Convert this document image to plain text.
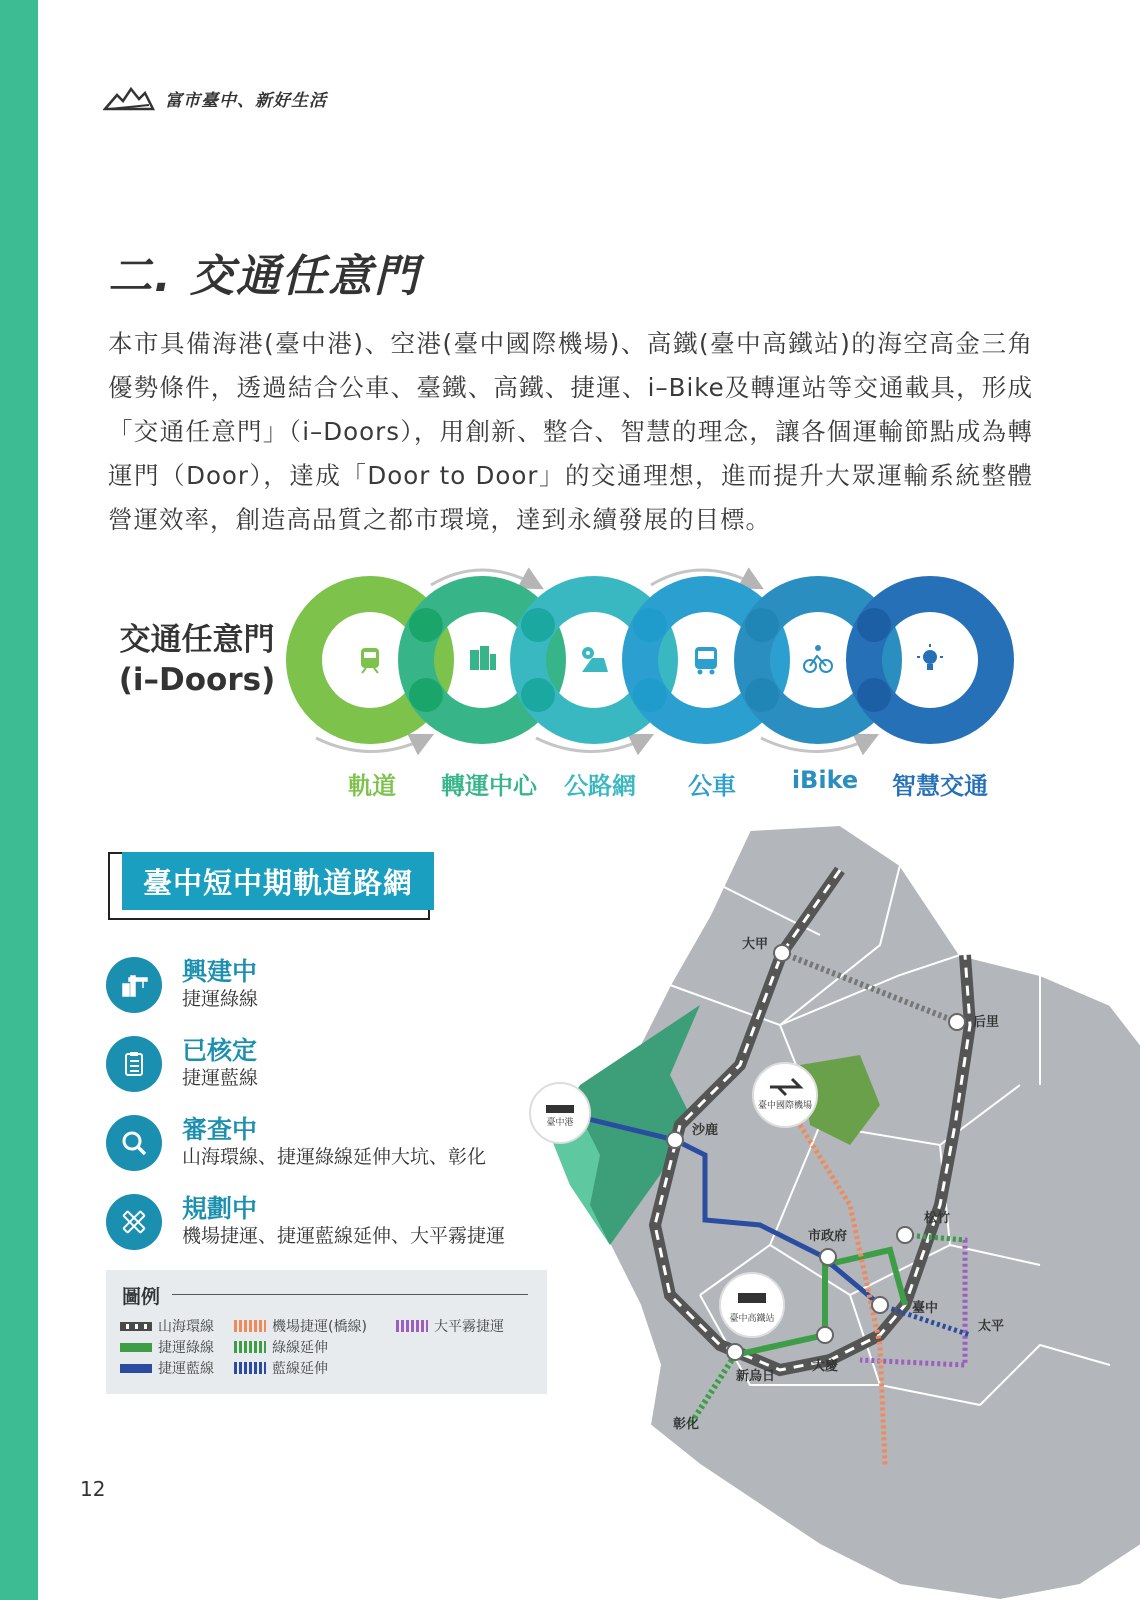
富市臺中、新好生活
二. 交通任意門
本市具備海港(臺中港)、空港(臺中國際機場)、高鐵(臺中高鐵站)的海空高金三角優勢條件，透過結合公車、臺鐵、高鐵、捷運、i–Bike及轉運站等交通載具，形成「交通任意門」（i–Doors），用創新、整合、智慧的理念，讓各個運輸節點成為轉運門（Door），達成「Door to Door」的交通理想，進而提升大眾運輸系統整體營運效率，創造高品質之都市環境，達到永續發展的目標。
交通任意門
(i–Doors)
軌道	轉運中心	公路網	公車	iBike	智慧交通
臺中短中期軌道路網
興建中
捷運綠線
已核定
捷運藍線
審查中
山海環線、捷運綠線延伸大坑、彰化
規劃中
機場捷運、捷運藍線延伸、大平霧捷運
圖例
山海環線
捷運綠線
捷運藍線
機場捷運(橋線)
綠線延伸
藍線延伸
大平霧捷運
12
臺中港
臺中國際機場
臺中高鐵站
大甲
后里
沙鹿
松竹
市政府
臺中
太平
大慶
新烏日
彰化
